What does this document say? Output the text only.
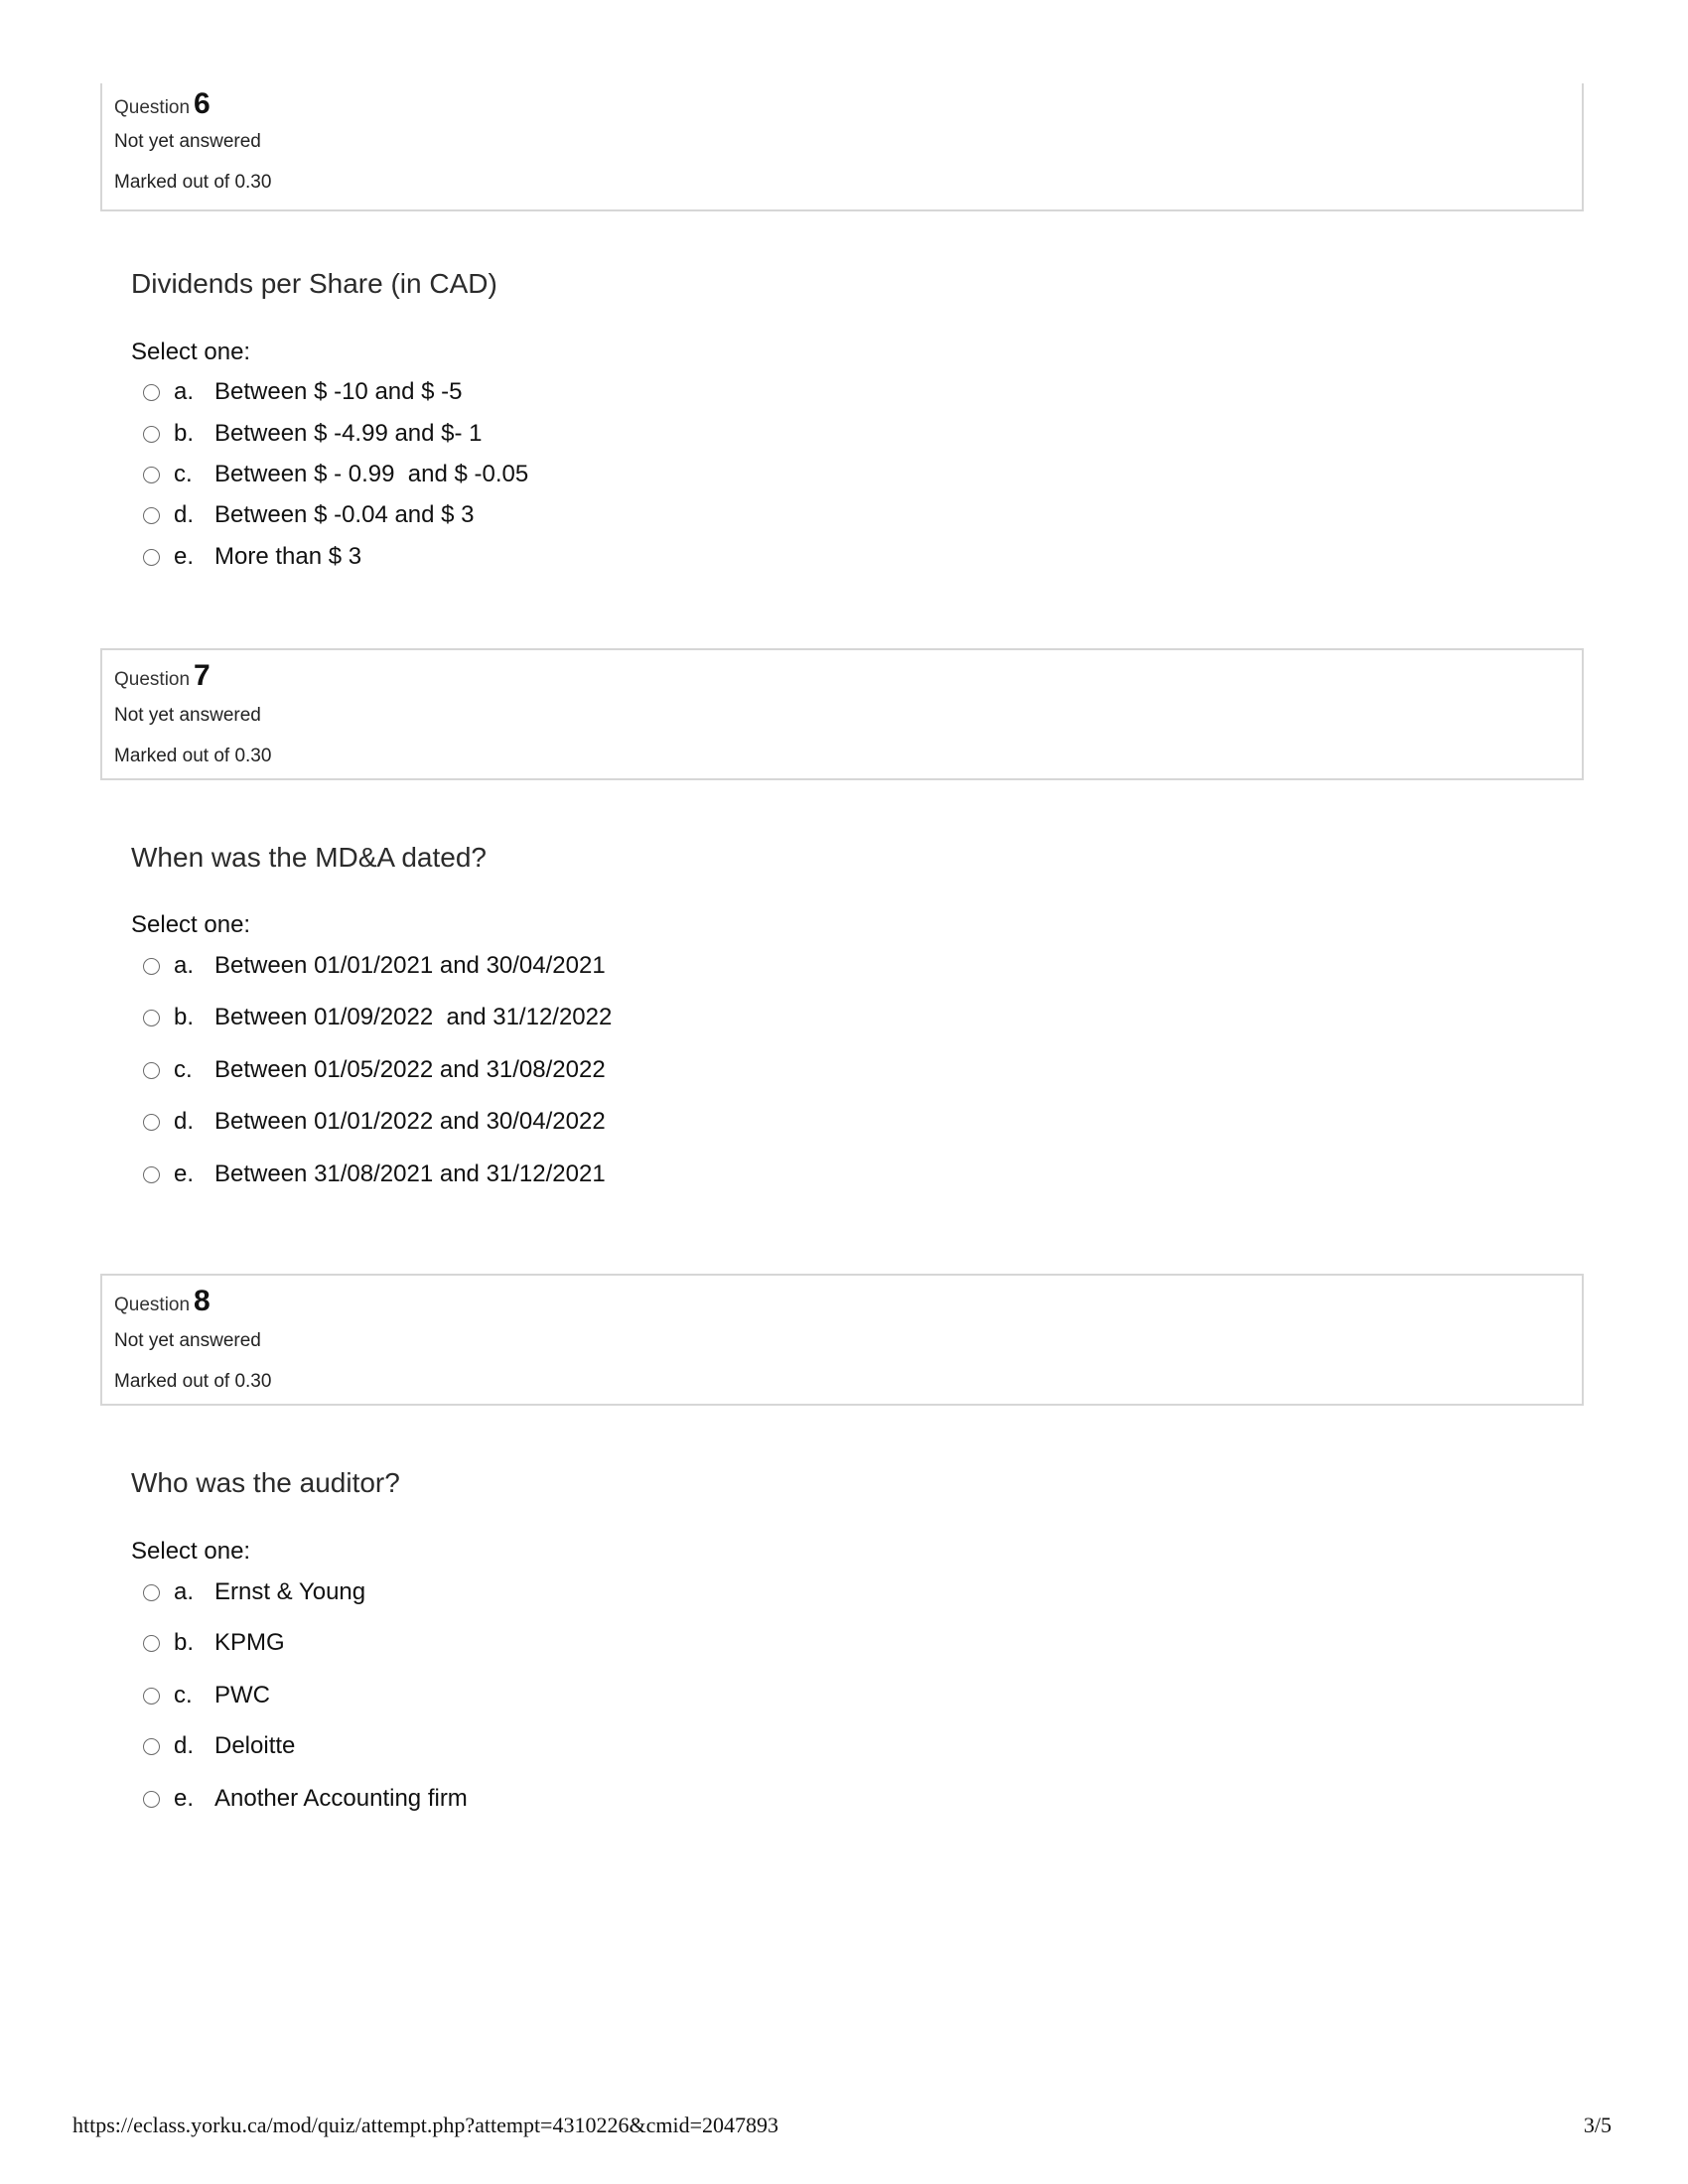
Question 6
Not yet answered
Marked out of 0.30
Dividends per Share (in CAD)
Select one:
a. Between $ -10 and $ -5
b. Between $ -4.99 and $- 1
c. Between $ - 0.99  and $ -0.05
d. Between $ -0.04 and $ 3
e. More than $ 3
Question 7
Not yet answered
Marked out of 0.30
When was the MD&A dated?
Select one:
a. Between 01/01/2021 and 30/04/2021
b. Between 01/09/2022  and 31/12/2022
c. Between 01/05/2022 and 31/08/2022
d. Between 01/01/2022 and 30/04/2022
e. Between 31/08/2021 and 31/12/2021
Question 8
Not yet answered
Marked out of 0.30
Who was the auditor?
Select one:
a. Ernst & Young
b. KPMG
c. PWC
d. Deloitte
e. Another Accounting firm
https://eclass.yorku.ca/mod/quiz/attempt.php?attempt=4310226&cmid=2047893	3/5
